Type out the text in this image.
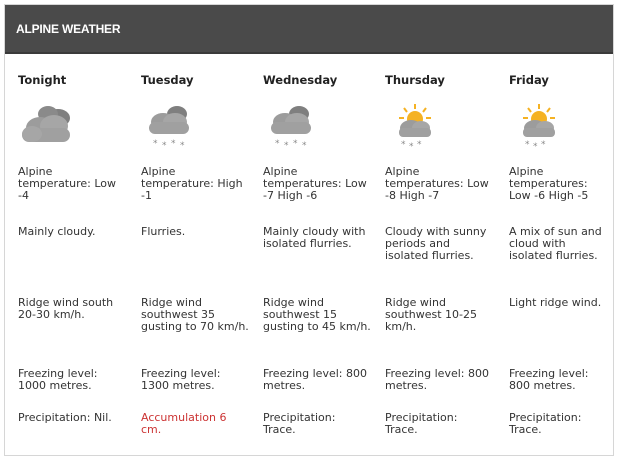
ALPINE WEATHER
Tonight
Alpine temperature: Low -4
Mainly cloudy.
Ridge wind south 20-30 km/h.
Freezing level: 1000 metres.
Precipitation: Nil.
Tuesday
* * * *
Alpine temperature: High -1
Flurries.
Ridge wind southwest 35 gusting to 70 km/h.
Freezing level: 1300 metres.
Accumulation 6 cm.
Wednesday
* * * *
Alpine temperatures: Low -7 High -6
Mainly cloudy with isolated flurries.
Ridge wind southwest 15 gusting to 45 km/h.
Freezing level: 800 metres.
Precipitation: Trace.
Thursday
* * *
Alpine temperatures: Low -8 High -7
Cloudy with sunny periods and isolated flurries.
Ridge wind southwest 10-25 km/h.
Freezing level: 800 metres.
Precipitation: Trace.
Friday
* * *
Alpine temperatures: Low -6 High -5
A mix of sun and cloud with isolated flurries.
Light ridge wind.
Freezing level: 800 metres.
Precipitation: Trace.
